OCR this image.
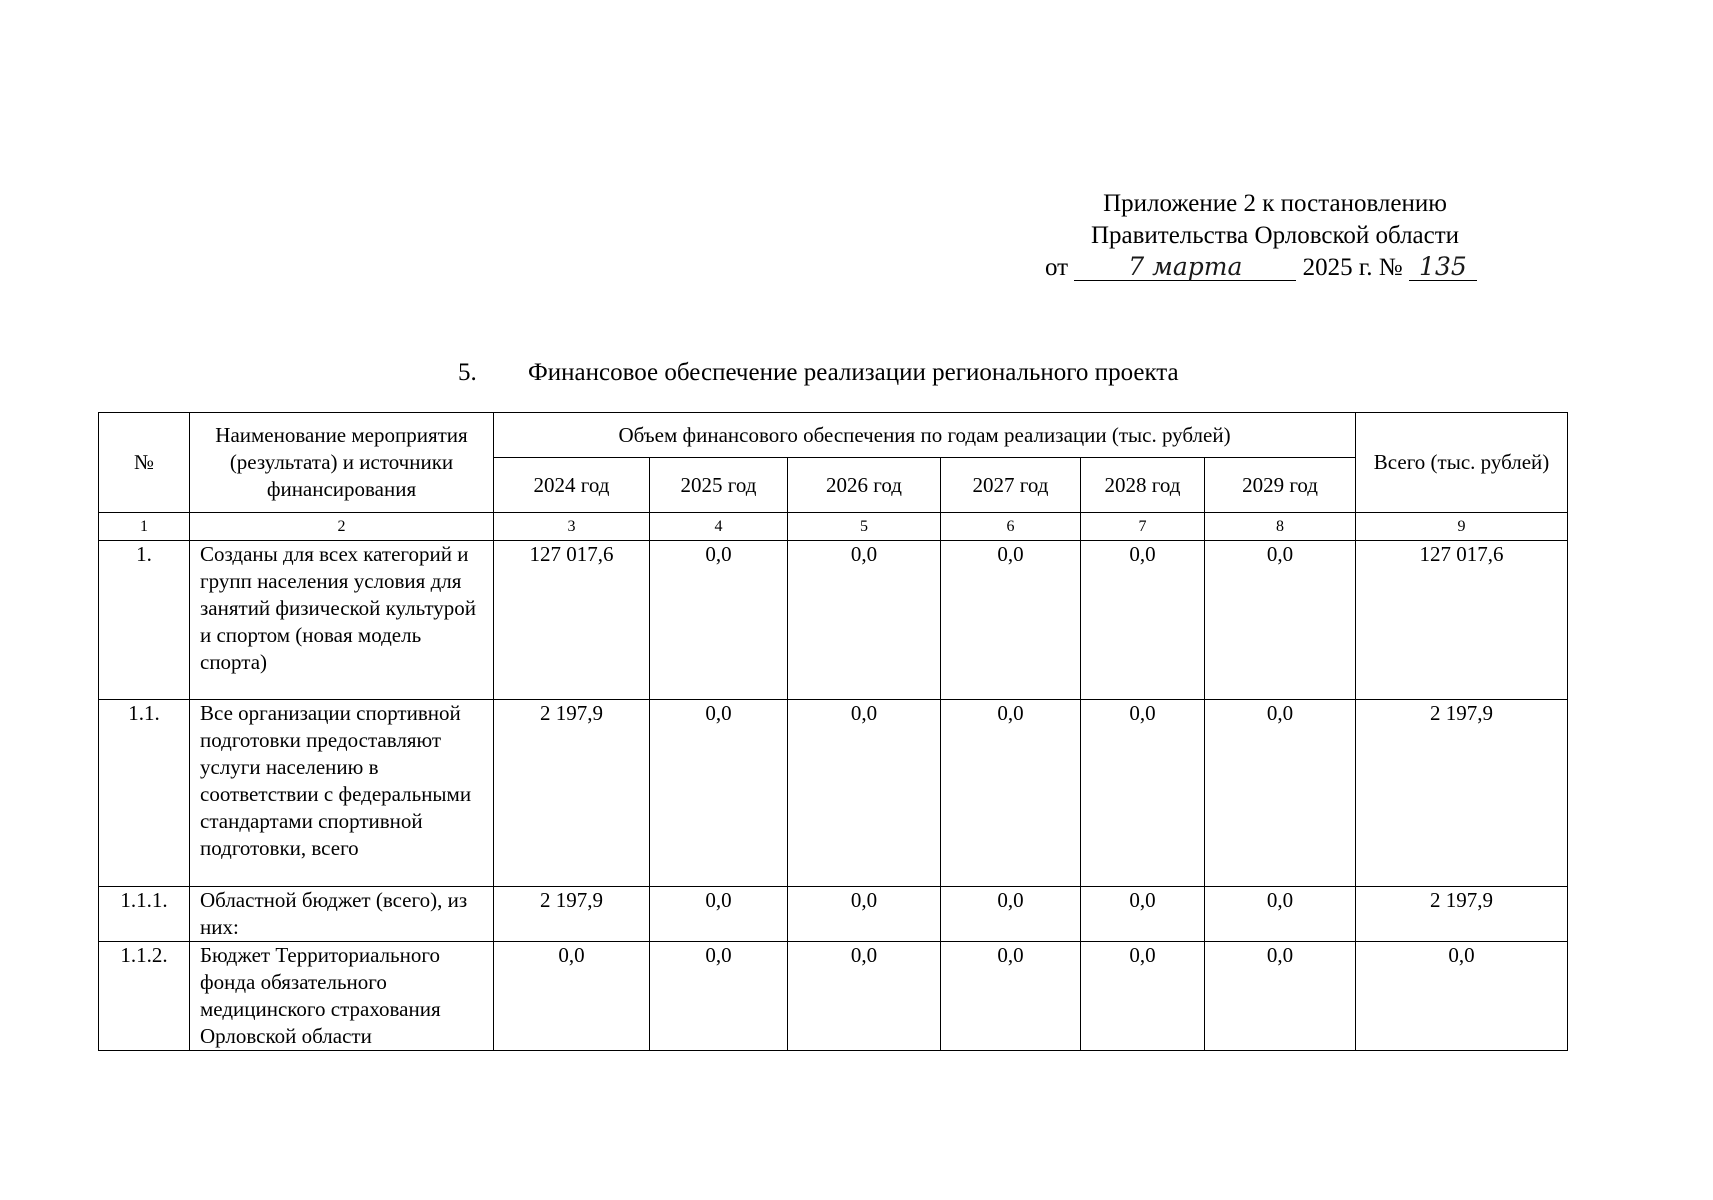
Приложение 2 к постановлению
Правительства Орловской области
от 7 марта 2025 г. № 135
5. Финансовое обеспечение реализации регионального проекта
№	Наименование мероприятия (результата) и источники финансирования	Объем финансового обеспечения по годам реализации (тыс. рублей)						Всего (тыс. рублей)
		2024 год	2025 год	2026 год	2027 год	2028 год	2029 год	
1	2	3	4	5	6	7	8	9
1.	Созданы для всех категорий и групп населения условия для занятий физической культурой и спортом (новая модель спорта)	127 017,6	0,0	0,0	0,0	0,0	0,0	127 017,6
1.1.	Все организации спортивной подготовки предоставляют услуги населению в соответствии с федеральными стандартами спортивной подготовки, всего	2 197,9	0,0	0,0	0,0	0,0	0,0	2 197,9
1.1.1.	Областной бюджет (всего), из них:	2 197,9	0,0	0,0	0,0	0,0	0,0	2 197,9
1.1.2.	Бюджет Территориального фонда обязательного медицинского страхования Орловской области	0,0	0,0	0,0	0,0	0,0	0,0	0,0
